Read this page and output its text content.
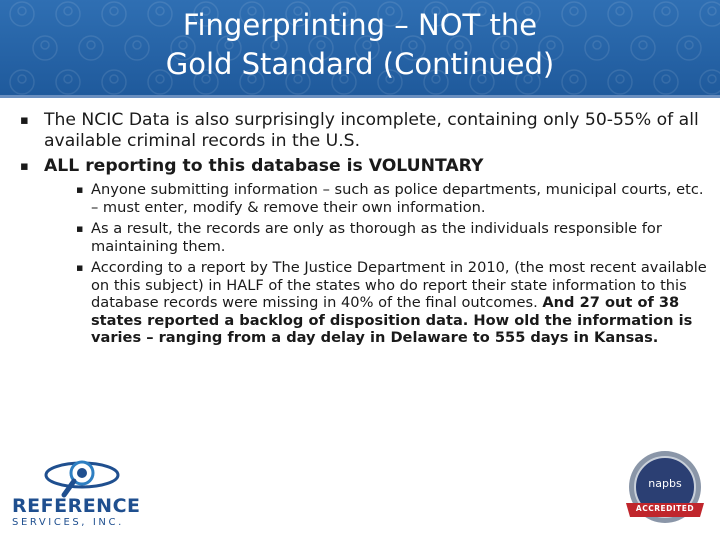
Fingerprinting – NOT the
Gold Standard (Continued)
▪ The NCIC Data is also surprisingly incomplete, containing only 50-55% of all available criminal records in the U.S.
▪ ALL reporting to this database is VOLUNTARY
▪ Anyone submitting information – such as police departments, municipal courts, etc. – must enter, modify & remove their own information.
▪ As a result, the records are only as thorough as the individuals responsible for maintaining them.
▪ According to a report by The Justice Department in 2010, (the most recent available on this subject) in HALF of the states who do report their state information to this database records were missing in 40% of the final outcomes. And 27 out of 38 states reported a backlog of disposition data. How old the information is varies – ranging from a day delay in Delaware to 555 days in Kansas.
REFERENCE
SERVICES, INC.
napbs
ACCREDITED
